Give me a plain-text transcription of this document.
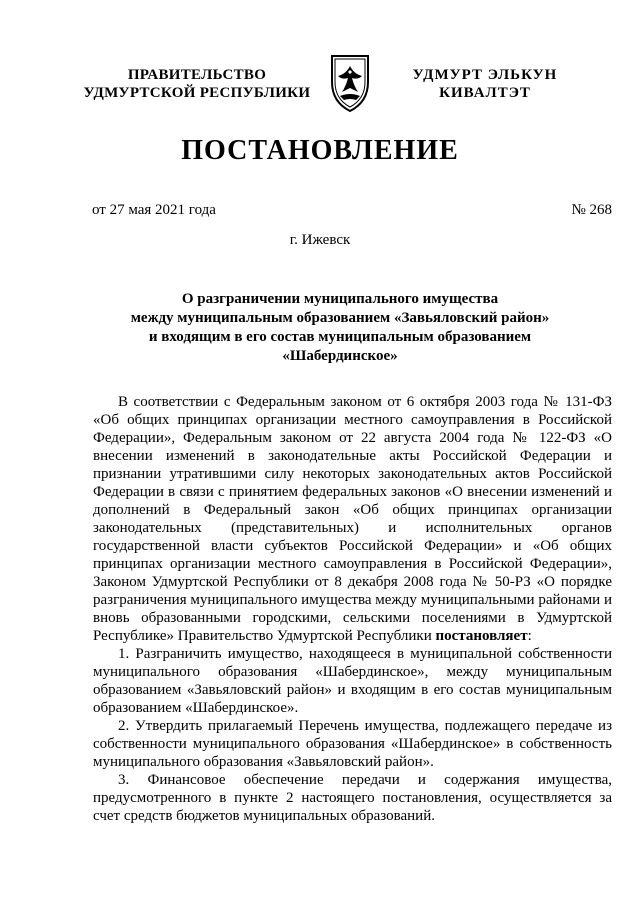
ПРАВИТЕЛЬСТВО
УДМУРТСКОЙ РЕСПУБЛИКИ
УДМУРТ ЭЛЬКУН
КИВАЛТЭТ
ПОСТАНОВЛЕНИЕ
от 27 мая 2021 года	№ 268
г. Ижевск
О разграничении муниципального имущества
между муниципальным образованием «Завьяловский район»
и входящим в его состав муниципальным образованием
«Шабердинское»

В соответствии с Федеральным законом от 6 октября 2003 года № 131-ФЗ «Об общих принципах организации местного самоуправления в Российской Федерации», Федеральным законом от 22 августа 2004 года № 122-ФЗ «О внесении изменений в законодательные акты Российской Федерации и признании утратившими силу некоторых законодательных актов Российской Федерации в связи с принятием федеральных законов «О внесении изменений и дополнений в Федеральный закон «Об общих принципах организации законодательных (представительных) и исполнительных органов государственной власти субъектов Российской Федерации» и «Об общих принципах организации местного самоуправления в Российской Федерации», Законом Удмуртской Республики от 8 декабря 2008 года № 50-РЗ «О порядке разграничения муниципального имущества между муниципальными районами и вновь образованными городскими, сельскими поселениями в Удмуртской Республике» Правительство Удмуртской Республики постановляет:

1. Разграничить имущество, находящееся в муниципальной собственности муниципального образования «Шабердинское», между муниципальным образованием «Завьяловский район» и входящим в его состав муниципальным образованием «Шабердинское».

2. Утвердить прилагаемый Перечень имущества, подлежащего передаче из собственности муниципального образования «Шабердинское» в собственность муниципального образования «Завьяловский район».

3. Финансовое обеспечение передачи и содержания имущества, предусмотренного в пункте 2 настоящего постановления, осуществляется за счет средств бюджетов муниципальных образований.
